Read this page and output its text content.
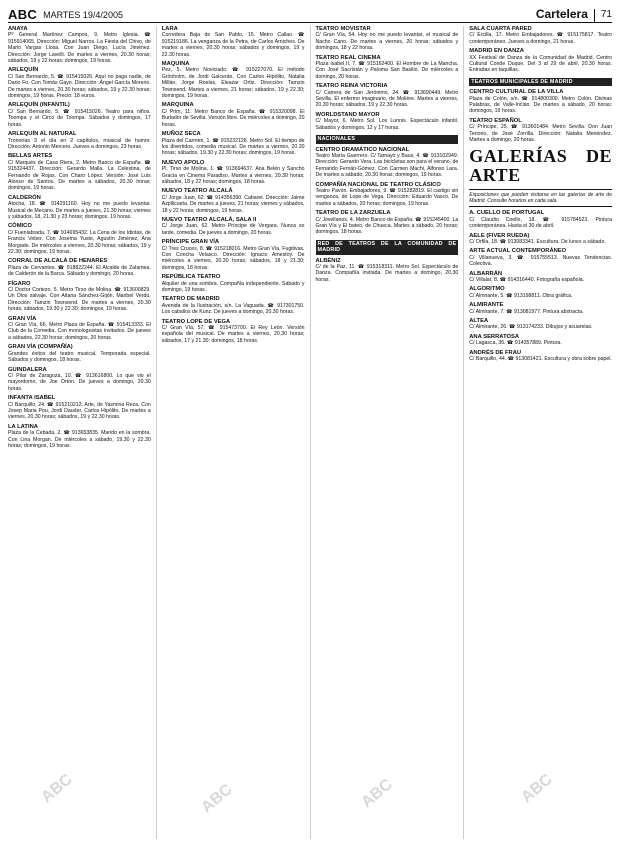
ABC MARTES 19/4/2005	Cartelera	71
ANAYA
Pº General Martínez Campos, 9. Metro Iglesia. ☎ 915914065. Dirección: Miguel Narros. La Fiesta del Chivo, de Mario Vargas Llosa. Con Juan Diego, Lucía Jiménez. Dirección: Jorge Lavelli. De martes a viernes, 20.30 horas; sábados, 19 y 22 horas; domingos, 19 horas.
ARLEQUÍN
C/ San Bernardo, 5. ☎ 915415026. Aquí no paga nadie, de Dario Fo. Con Tomás Gayo. Dirección: Ángel García Moreno. De martes a viernes, 20.30 horas; sábados, 19 y 22.30 horas; domingos, 19 horas. Precio: 18 euros.
ARLEQUÍN (INFANTIL)
C/ San Bernardo, 5. ☎ 915415026. Teatro para niños. Toompa y el Circo de Toompa. Sábados y domingos, 17 horas.
ARLEQUÍN AL NATURAL
Tronorías 3 el día en 2 capítulos, musical de humor. Dirección: Antonio Mercero. Jueves a domingos, 23 horas.
BELLAS ARTES
C/ Marqués de Casa Riera, 2. Metro Banco de España. ☎ 915324437. Dirección: Gerardo Malla. La Celestina, de Fernando de Rojas. Con Charo López. Versión: José Luis Alonso de Santos. De martes a sábados, 20.30 horas; domingos, 19 horas.
CALDERÓN
Atocha, 18. ☎ 914291160. Hoy no me puedo levantar. Musical de Mecano. De martes a jueves, 21.30 horas; viernes y sábados, 18, 21.30 y 23 horas; domingos, 19 horas.
CÓMICO
C/ Fuenlabrada, 7. ☎ 914695432. La Cena de los Idiotas, de Francis Veber. Con Josema Yuste, Agustín Jiménez, Ana Morgade. De miércoles a viernes, 20.30 horas; sábados, 19 y 22.30; domingos, 19 horas.
CORRAL DE ALCALÁ DE HENARES
Plaza de Cervantes. ☎ 918822244. El Alcalde de Zalamea, de Calderón de la Barca. Sábado y domingo, 20 horas.
FÍGARO
C/ Doctor Cortezo, 5. Metro Tirso de Molina. ☎ 913600829. Un Dios salvaje. Con Aitana Sánchez-Gijón, Maribel Verdú. Dirección: Tamzin Townsend. De martes a viernes, 20.30 horas; sábados, 19.30 y 22.30; domingos, 19 horas.
GRAN VÍA
C/ Gran Vía, 66. Metro Plaza de España. ☎ 915413333. El Club de la Comedia. Con monologuistas invitados. De jueves a sábados, 22.30 horas; domingos, 20 horas.
GRAN VÍA (COMPAÑÍA)
Grandes éxitos del teatro musical. Temporada especial. Sábados y domingos, 18 horas.
GUINDALERA
C/ Pilar de Zaragoza, 10. ☎ 913616800. Lo que vio el mayordomo, de Joe Orton. De jueves a domingo, 20.30 horas.
INFANTA ISABEL
C/ Barquillo, 24. ☎ 915210212. Arte, de Yasmina Reza. Con Josep Maria Pou, Jordi Dauder, Carlos Hipólito. De martes a viernes, 20.30 horas; sábados, 19 y 22.30 horas.
LA LATINA
Plaza de la Cebada, 2. ☎ 913653835. Marido en la sombra. Con Lina Morgan. De miércoles a sábado, 19.30 y 22.30 horas; domingos, 19 horas.
LARA
Corredera Baja de San Pablo, 15. Metro Callao. ☎ 915219186. La venganza de la Petra, de Carlos Arniches. De martes a viernes, 20.30 horas; sábados y domingos, 19 y 22.30 horas.
MAQUINA
Pez, 5. Metro Noviciado. ☎ 915227070. El método Grönholm, de Jordi Galcerán. Con Carlos Hipólito, Natalia Millán, Jorge Roelas, Eleazar Ortiz. Dirección: Tamzin Townsend. Martes a viernes, 21 horas; sábados, 19 y 22.30; domingos, 19 horas.
MARQUINA
C/ Prim, 11. Metro Banco de España. ☎ 915320098. El Burlador de Sevilla. Versión libre. De miércoles a domingo, 20 horas.
MUÑOZ SECA
Plaza del Carmen, 1. ☎ 915232128. Metro Sol. El tiempo de los divertidos, comedia musical. De martes a viernes, 20.30 horas; sábados, 19.30 y 22.30 horas; domingos, 19 horas.
NUEVO APOLO
Pl. Tirso de Molina, 1. ☎ 913694637. Ana Belén y Sancho Gracia en Cinema Paradiso. Martes a viernes, 20.30 horas; sábados, 18 y 22 horas; domingos, 18 horas.
NUEVO TEATRO ALCALÁ
C/ Jorge Juan, 62. ☎ 914356390. Cabaret. Dirección: Jaime Azpilicueta. De martes a jueves, 21 horas; viernes y sábados, 18 y 22 horas; domingos, 19 horas.
NUEVO TEATRO ALCALÁ, SALA II
C/ Jorge Juan, 62. Metro Príncipe de Vergara. Nunca es tarde, comedia. De jueves a domingo, 20 horas.
PRÍNCIPE GRAN VÍA
C/ Tres Cruces, 8. ☎ 915218016. Metro Gran Vía. Fugitivas. Con Concha Velasco. Dirección: Ignacio Amestoy. De miércoles a viernes, 20.30 horas; sábados, 18 y 21.30; domingos, 18 horas.
REPÚBLICA TEATRO
Alquiler de una sombra. Compañía independiente. Sábado y domingo, 19 horas.
TEATRO DE MADRID
Avenida de la Ilustración, s/n. La Vaguada. ☎ 917301750. Los caballos de Kunz. De jueves a domingo, 20.30 horas.
TEATRO LOPE DE VEGA
C/ Gran Vía, 57. ☎ 915473700. El Rey León. Versión española del musical. De martes a viernes, 20.30 horas; sábados, 17 y 21.30; domingos, 18 horas.
TEATRO MOVISTAR
C/ Gran Vía, 54. Hoy no me puedo levantar, el musical de Nacho Cano. De martes a viernes, 20 horas; sábados y domingos, 18 y 22 horas.
TEATRO REAL CINEMA
Plaza Isabel II, 7. ☎ 915162400. El Hombre de La Mancha. Con José Sacristán y Paloma San Basilio. De miércoles a domingo, 20 horas.
TEATRO REINA VICTORIA
C/ Carrera de San Jerónimo, 24. ☎ 913690449. Metro Sevilla. El enfermo imaginario, de Molière. Martes a viernes, 20.30 horas; sábados, 19 y 22.30 horas.
WORLDSTAND MAYOR
C/ Mayor, 6. Metro Sol. Los Lunnis. Espectáculo infantil. Sábados y domingos, 12 y 17 horas.
NACIONALES
CENTRO DRAMÁTICO NACIONAL
Teatro María Guerrero. C/ Tamayo y Baus, 4. ☎ 913102949. Dirección: Gerardo Vera. Las bicicletas son para el verano, de Fernando Fernán-Gómez. Con Carmen Machi, Alfonso Lara. De martes a sábado, 20.30 horas; domingos, 19 horas.
COMPAÑÍA NACIONAL DE TEATRO CLÁSICO
Teatro Pavón. Embajadores, 9. ☎ 915282819. El castigo sin venganza, de Lope de Vega. Dirección: Eduardo Vasco. De martes a sábados, 20 horas; domingos, 19 horas.
TEATRO DE LA ZARZUELA
C/ Jovellanos, 4. Metro Banco de España. ☎ 915245400. La Gran Vía y El bateo, de Chueca. Martes a sábado, 20 horas; domingos, 18 horas.
RED DE TEATROS DE LA COMUNIDAD DE MADRID
ALBÉNIZ
C/ de la Paz, 11. ☎ 915318311. Metro Sol. Espectáculo de Danza. Compañía invitada. De martes a domingo, 20.30 horas.
SALA CUARTA PARED
C/ Ercilla, 17. Metro Embajadores. ☎ 915175817. Teatro contemporáneo. Jueves a domingo, 21 horas.
MADRID EN DANZA
XX Festival de Danza de la Comunidad de Madrid. Centro Cultural Conde Duque. Del 3 al 29 de abril, 20.30 horas. Entradas en taquillas.
TEATROS MUNICIPALES DE MADRID
CENTRO CULTURAL DE LA VILLA
Plaza de Colón, s/n. ☎ 914800300. Metro Colón. Divinas Palabras, de Valle-Inclán. De martes a sábado, 20 horas; domingos, 19 horas.
TEATRO ESPAÑOL
C/ Príncipe, 25. ☎ 913601484. Metro Sevilla. Don Juan Tenorio, de José Zorrilla. Dirección: Natalia Menéndez. Martes a domingo, 20 horas.
GALERÍAS DE ARTE
Exposiciones que pueden visitarse en las galerías de arte de Madrid. Consulte horarios en cada sala.
A. CUELLO DE PORTUGAL
C/ Claudio Coello, 18. ☎ 915784523. Pintura contemporánea. Hasta el 30 de abril.
AELE (FIVER RUEDA)
C/ Orfila, 18. ☎ 913083341. Escultura. De lunes a sábado.
ARTE ACTUAL CONTEMPORÁNEO
C/ Villanueva, 3. ☎ 915755513. Nuevas Tendencias. Colectiva.
ALBARRÁN
C/ Villalar, 8. ☎ 914316440. Fotografía española.
ALGORITMO
C/ Almirante, 5. ☎ 913198811. Obra gráfica.
ALMIRANTE
C/ Almirante, 7. ☎ 913081977. Pintura abstracta.
ALTEA
C/ Almirante, 26. ☎ 913174233. Dibujos y acuarelas.
ANA SERRATOSA
C/ Lagasca, 36. ☎ 914357889. Pintura.
ANDRÉS DE FRAU
C/ Barquillo, 44. ☎ 913081421. Escultura y obra sobre papel.
ABC	ABC	ABC	ABC
